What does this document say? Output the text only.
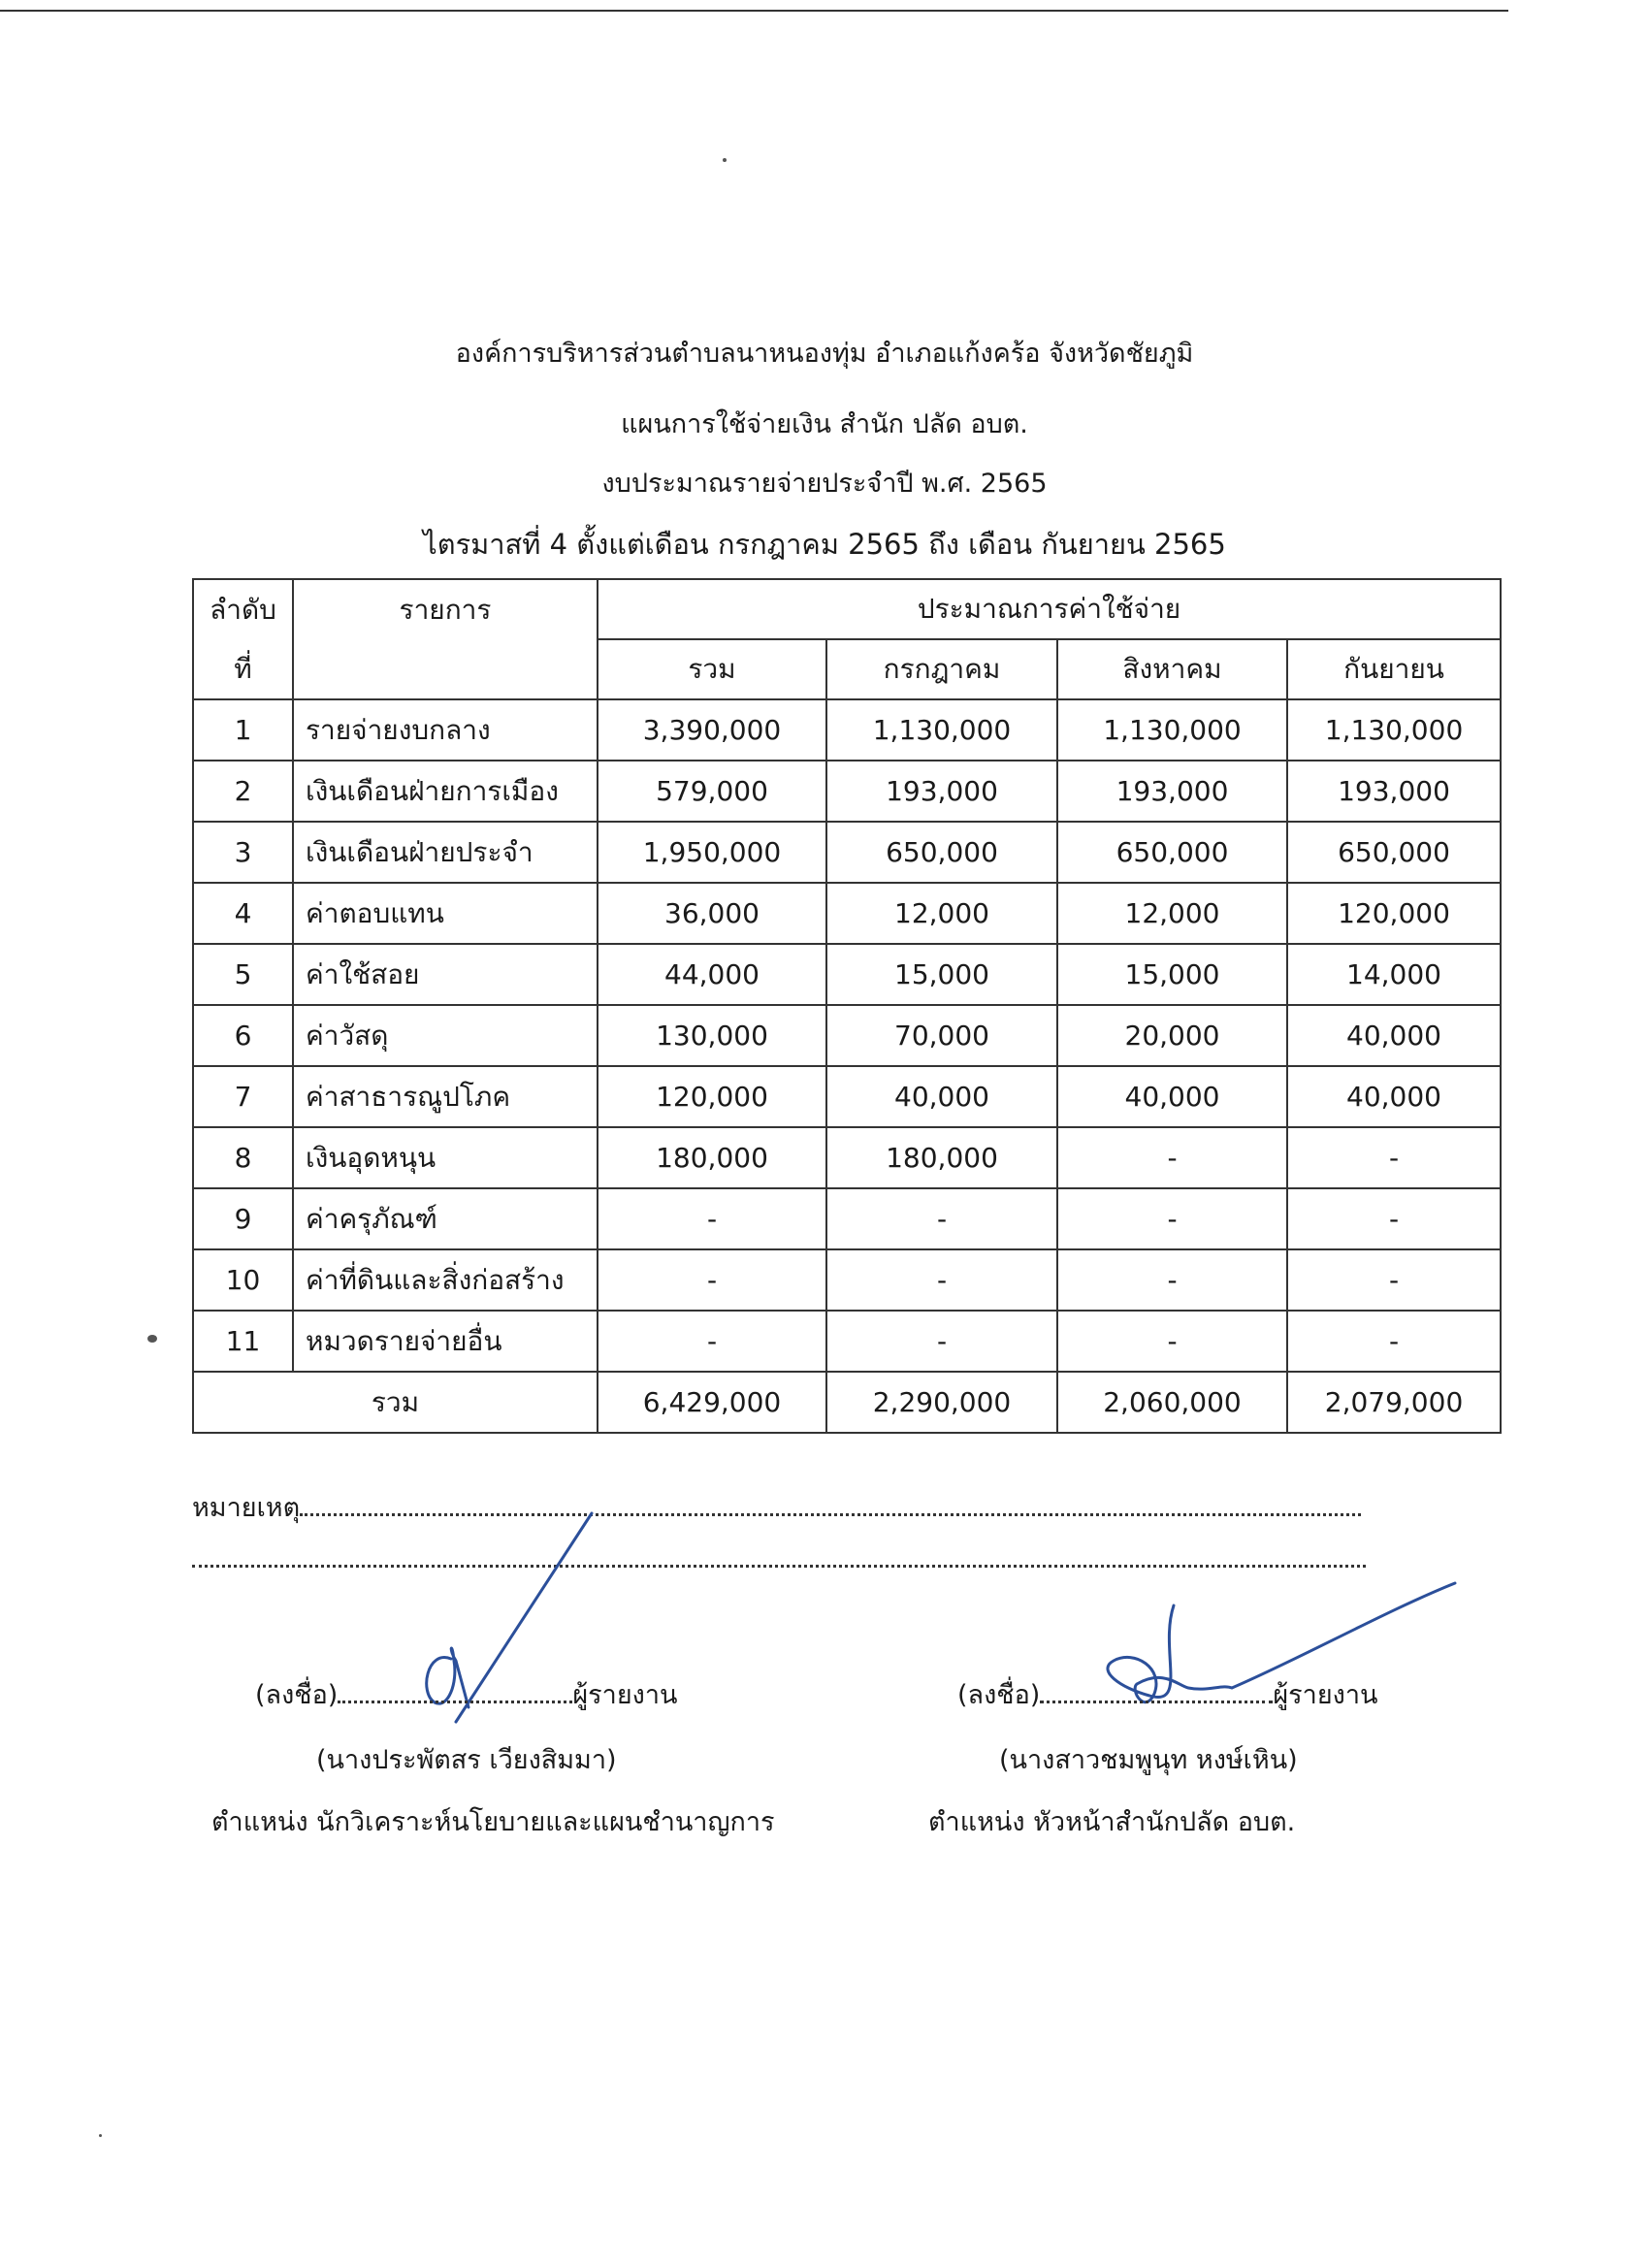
องค์การบริหารส่วนตำบลนาหนองทุ่ม อำเภอแก้งคร้อ จังหวัดชัยภูมิ
แผนการใช้จ่ายเงิน สำนัก ปลัด อบต.
งบประมาณรายจ่ายประจำปี พ.ศ. 2565
ไตรมาสที่ 4 ตั้งแต่เดือน กรกฎาคม 2565 ถึง เดือน กันยายน 2565
ลำดับ	รายการ	ประมาณการค่าใช้จ่าย			
ที่		รวม	กรกฎาคม	สิงหาคม	กันยายน
1	รายจ่ายงบกลาง	3,390,000	1,130,000	1,130,000	1,130,000
2	เงินเดือนฝ่ายการเมือง	579,000	193,000	193,000	193,000
3	เงินเดือนฝ่ายประจำ	1,950,000	650,000	650,000	650,000
4	ค่าตอบแทน	36,000	12,000	12,000	120,000
5	ค่าใช้สอย	44,000	15,000	15,000	14,000
6	ค่าวัสดุ	130,000	70,000	20,000	40,000
7	ค่าสาธารณูปโภค	120,000	40,000	40,000	40,000
8	เงินอุดหนุน	180,000	180,000	-	-
9	ค่าครุภัณฑ์	-	-	-	-
10	ค่าที่ดินและสิ่งก่อสร้าง	-	-	-	-
11	หมวดรายจ่ายอื่น	-	-	-	-
รวม		6,429,000	2,290,000	2,060,000	2,079,000
หมายเหตุ
(ลงชื่อ)	ผู้รายงาน
(นางประพัตสร เวียงสิมมา)
ตำแหน่ง นักวิเคราะห์นโยบายและแผนชำนาญการ
(ลงชื่อ)	ผู้รายงาน
(นางสาวชมพูนุท หงษ์เหิน)
ตำแหน่ง หัวหน้าสำนักปลัด อบต.
